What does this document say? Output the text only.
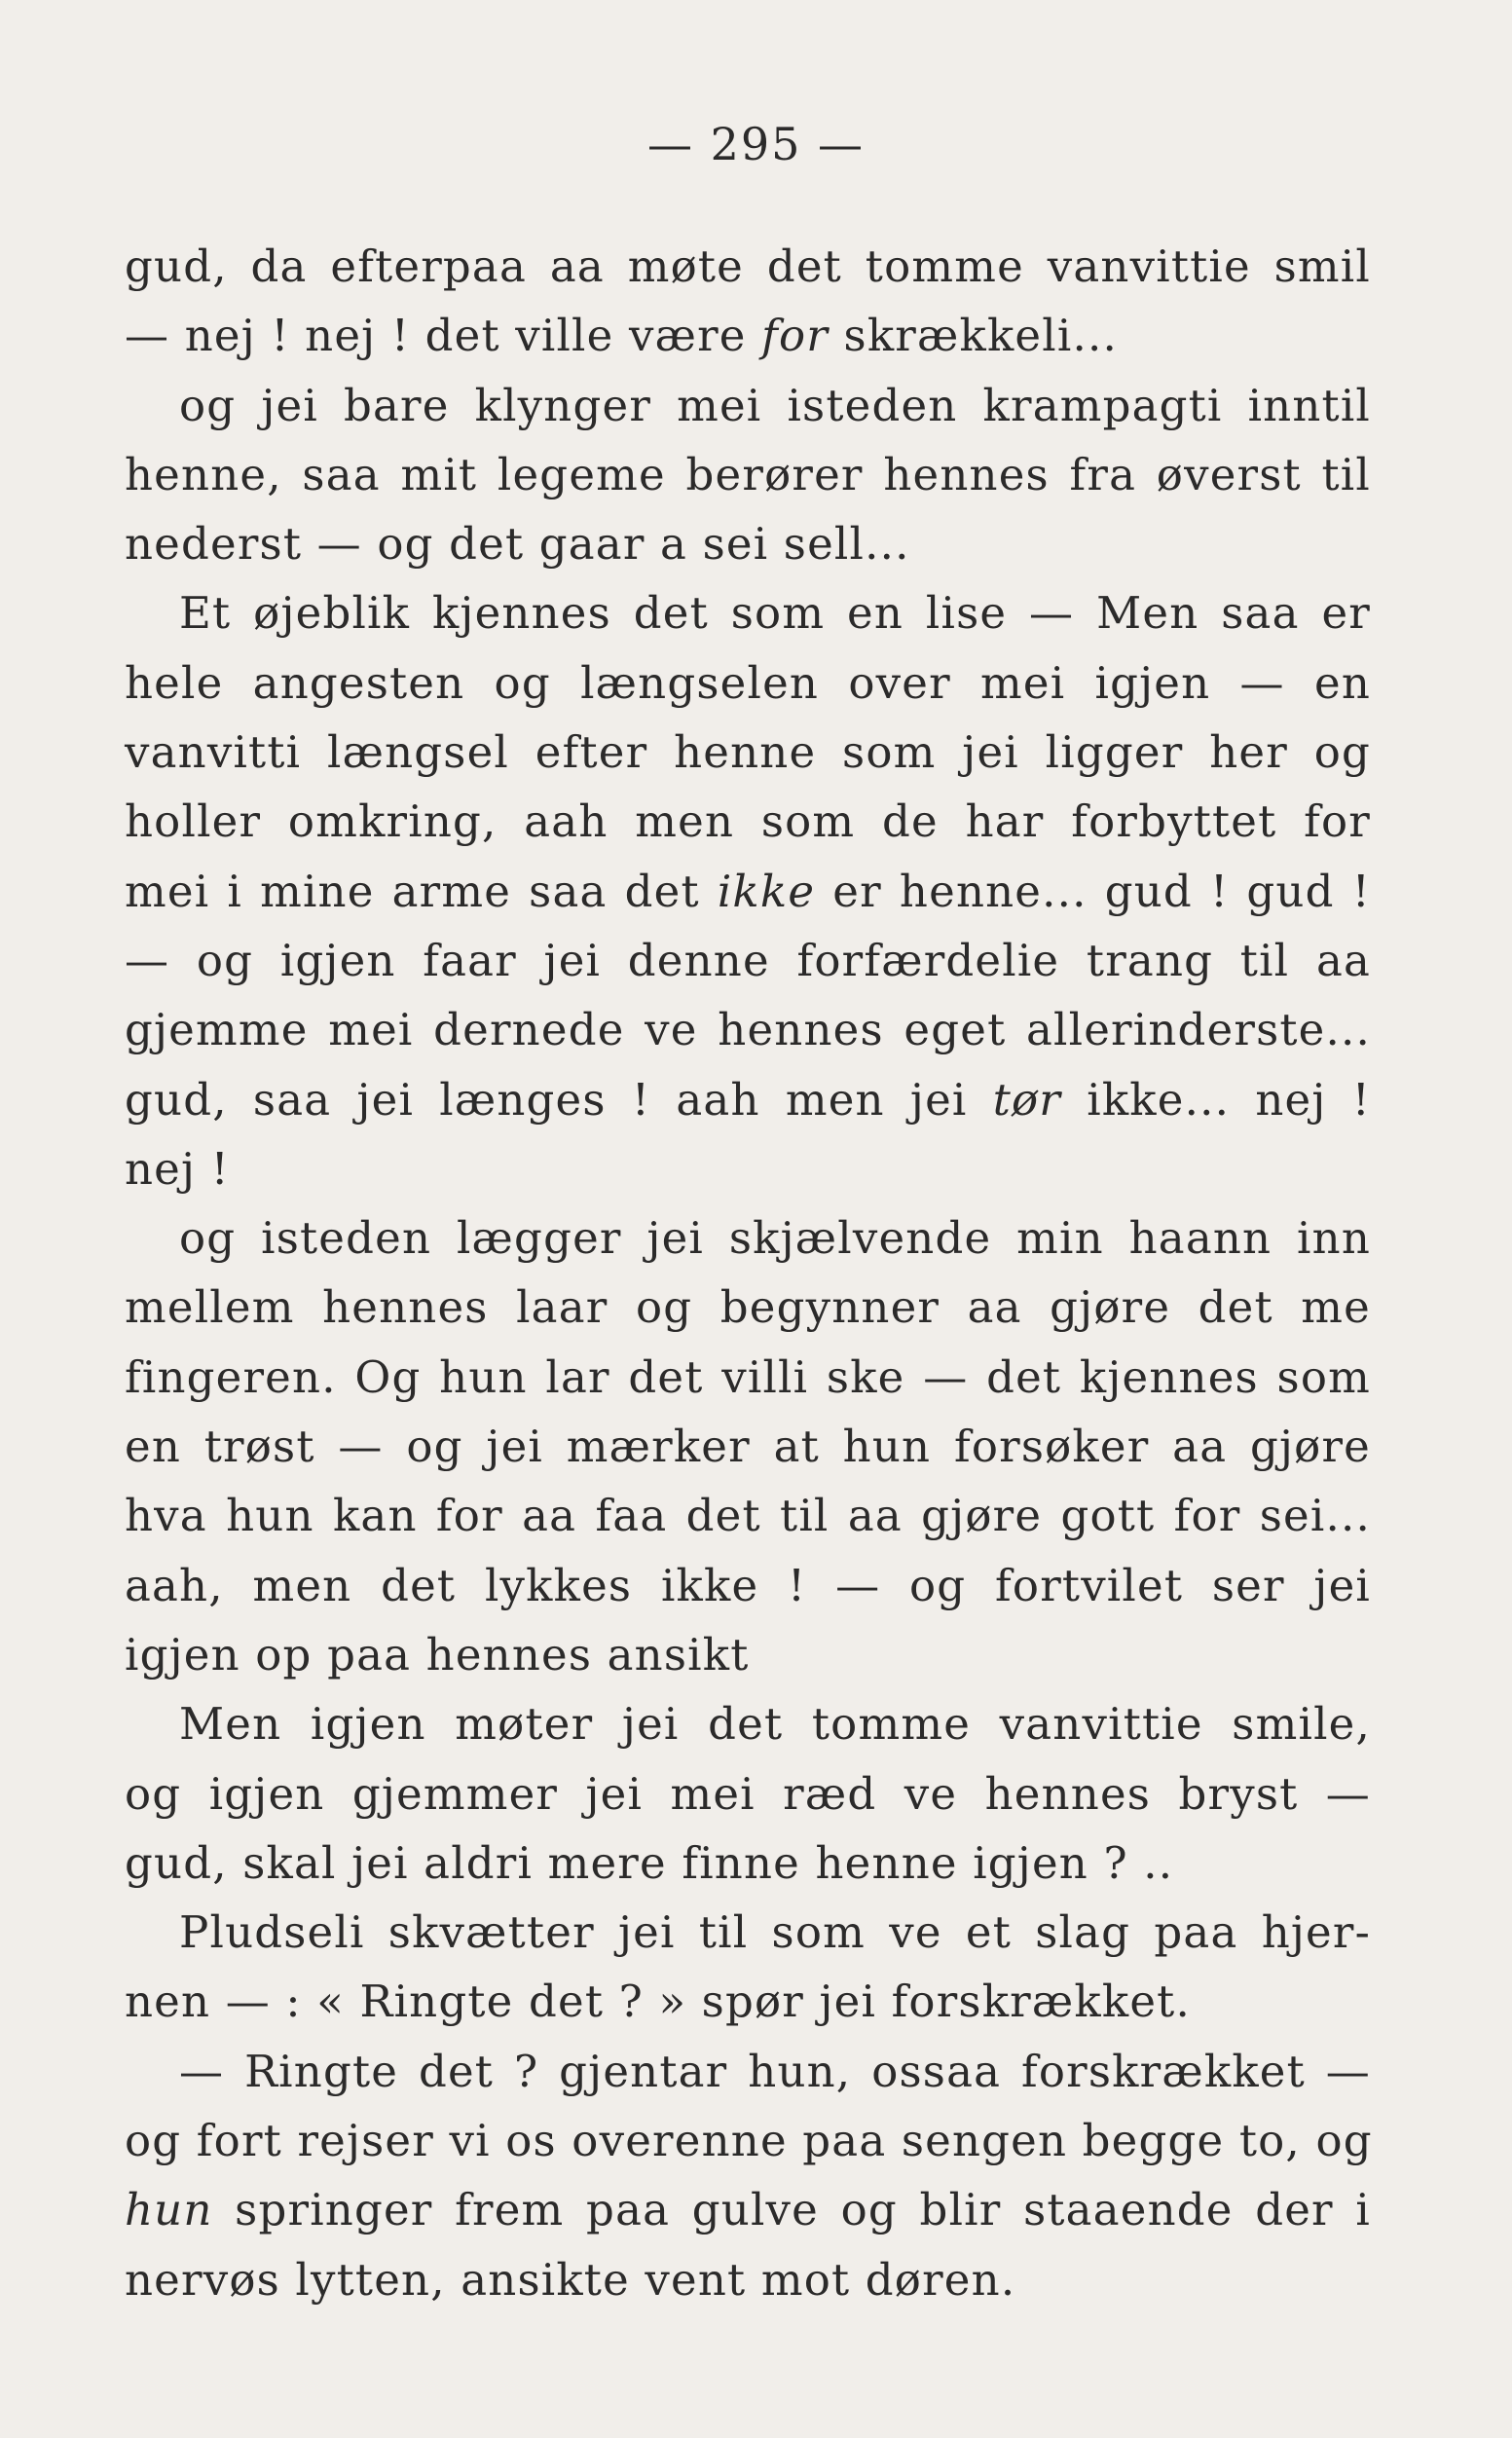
— 295 —
gud, da efterpaa aa møte det tomme vanvittie smil
— nej ! nej ! det ville være for skrækkeli...
og jei bare klynger mei isteden krampagti inntil
henne, saa mit legeme berører hennes fra øverst til
nederst — og det gaar a sei sell...
Et øjeblik kjennes det som en lise — Men saa er
hele angesten og længselen over mei igjen — en
vanvitti længsel efter henne som jei ligger her og
holler omkring, aah men som de har forbyttet for
mei i mine arme saa det ikke er henne... gud ! gud !
— og igjen faar jei denne forfærdelie trang til aa
gjemme mei dernede ve hennes eget allerinderste...
gud, saa jei længes ! aah men jei tør ikke... nej !
nej !
og isteden lægger jei skjælvende min haann inn
mellem hennes laar og begynner aa gjøre det me
fingeren. Og hun lar det villi ske — det kjennes som
en trøst — og jei mærker at hun forsøker aa gjøre
hva hun kan for aa faa det til aa gjøre gott for sei...
aah, men det lykkes ikke ! — og fortvilet ser jei
igjen op paa hennes ansikt
Men igjen møter jei det tomme vanvittie smile,
og igjen gjemmer jei mei ræd ve hennes bryst —
gud, skal jei aldri mere finne henne igjen ? ..
Pludseli skvætter jei til som ve et slag paa hjer-
nen — : « Ringte det ? » spør jei forskrækket.
— Ringte det ? gjentar hun, ossaa forskrækket —
og fort rejser vi os overenne paa sengen begge to, og
hun springer frem paa gulve og blir staaende der i
nervøs lytten, ansikte vent mot døren.
